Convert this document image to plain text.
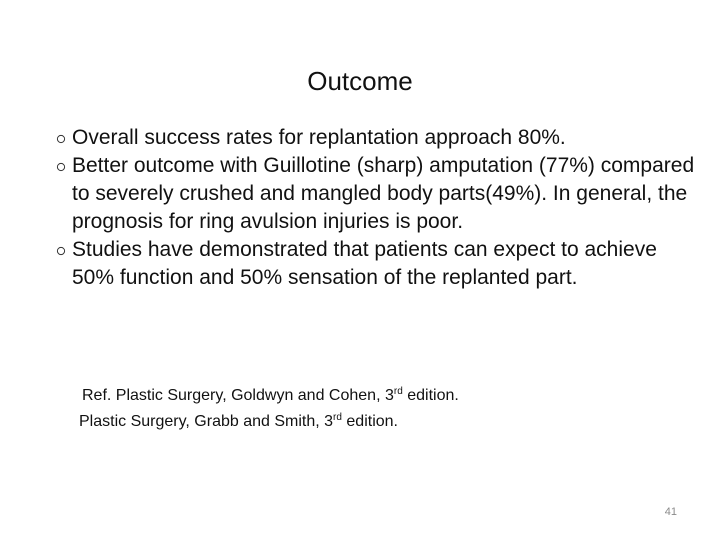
Outcome
Overall success rates for replantation approach 80%.
Better outcome with Guillotine (sharp) amputation (77%) compared to severely crushed and mangled body parts(49%). In general, the prognosis for ring avulsion injuries is poor.
Studies have demonstrated that patients can expect to achieve 50% function and 50% sensation of the replanted part.
Ref. Plastic Surgery, Goldwyn and Cohen, 3rd edition.
Plastic Surgery, Grabb and Smith, 3rd edition.
41
